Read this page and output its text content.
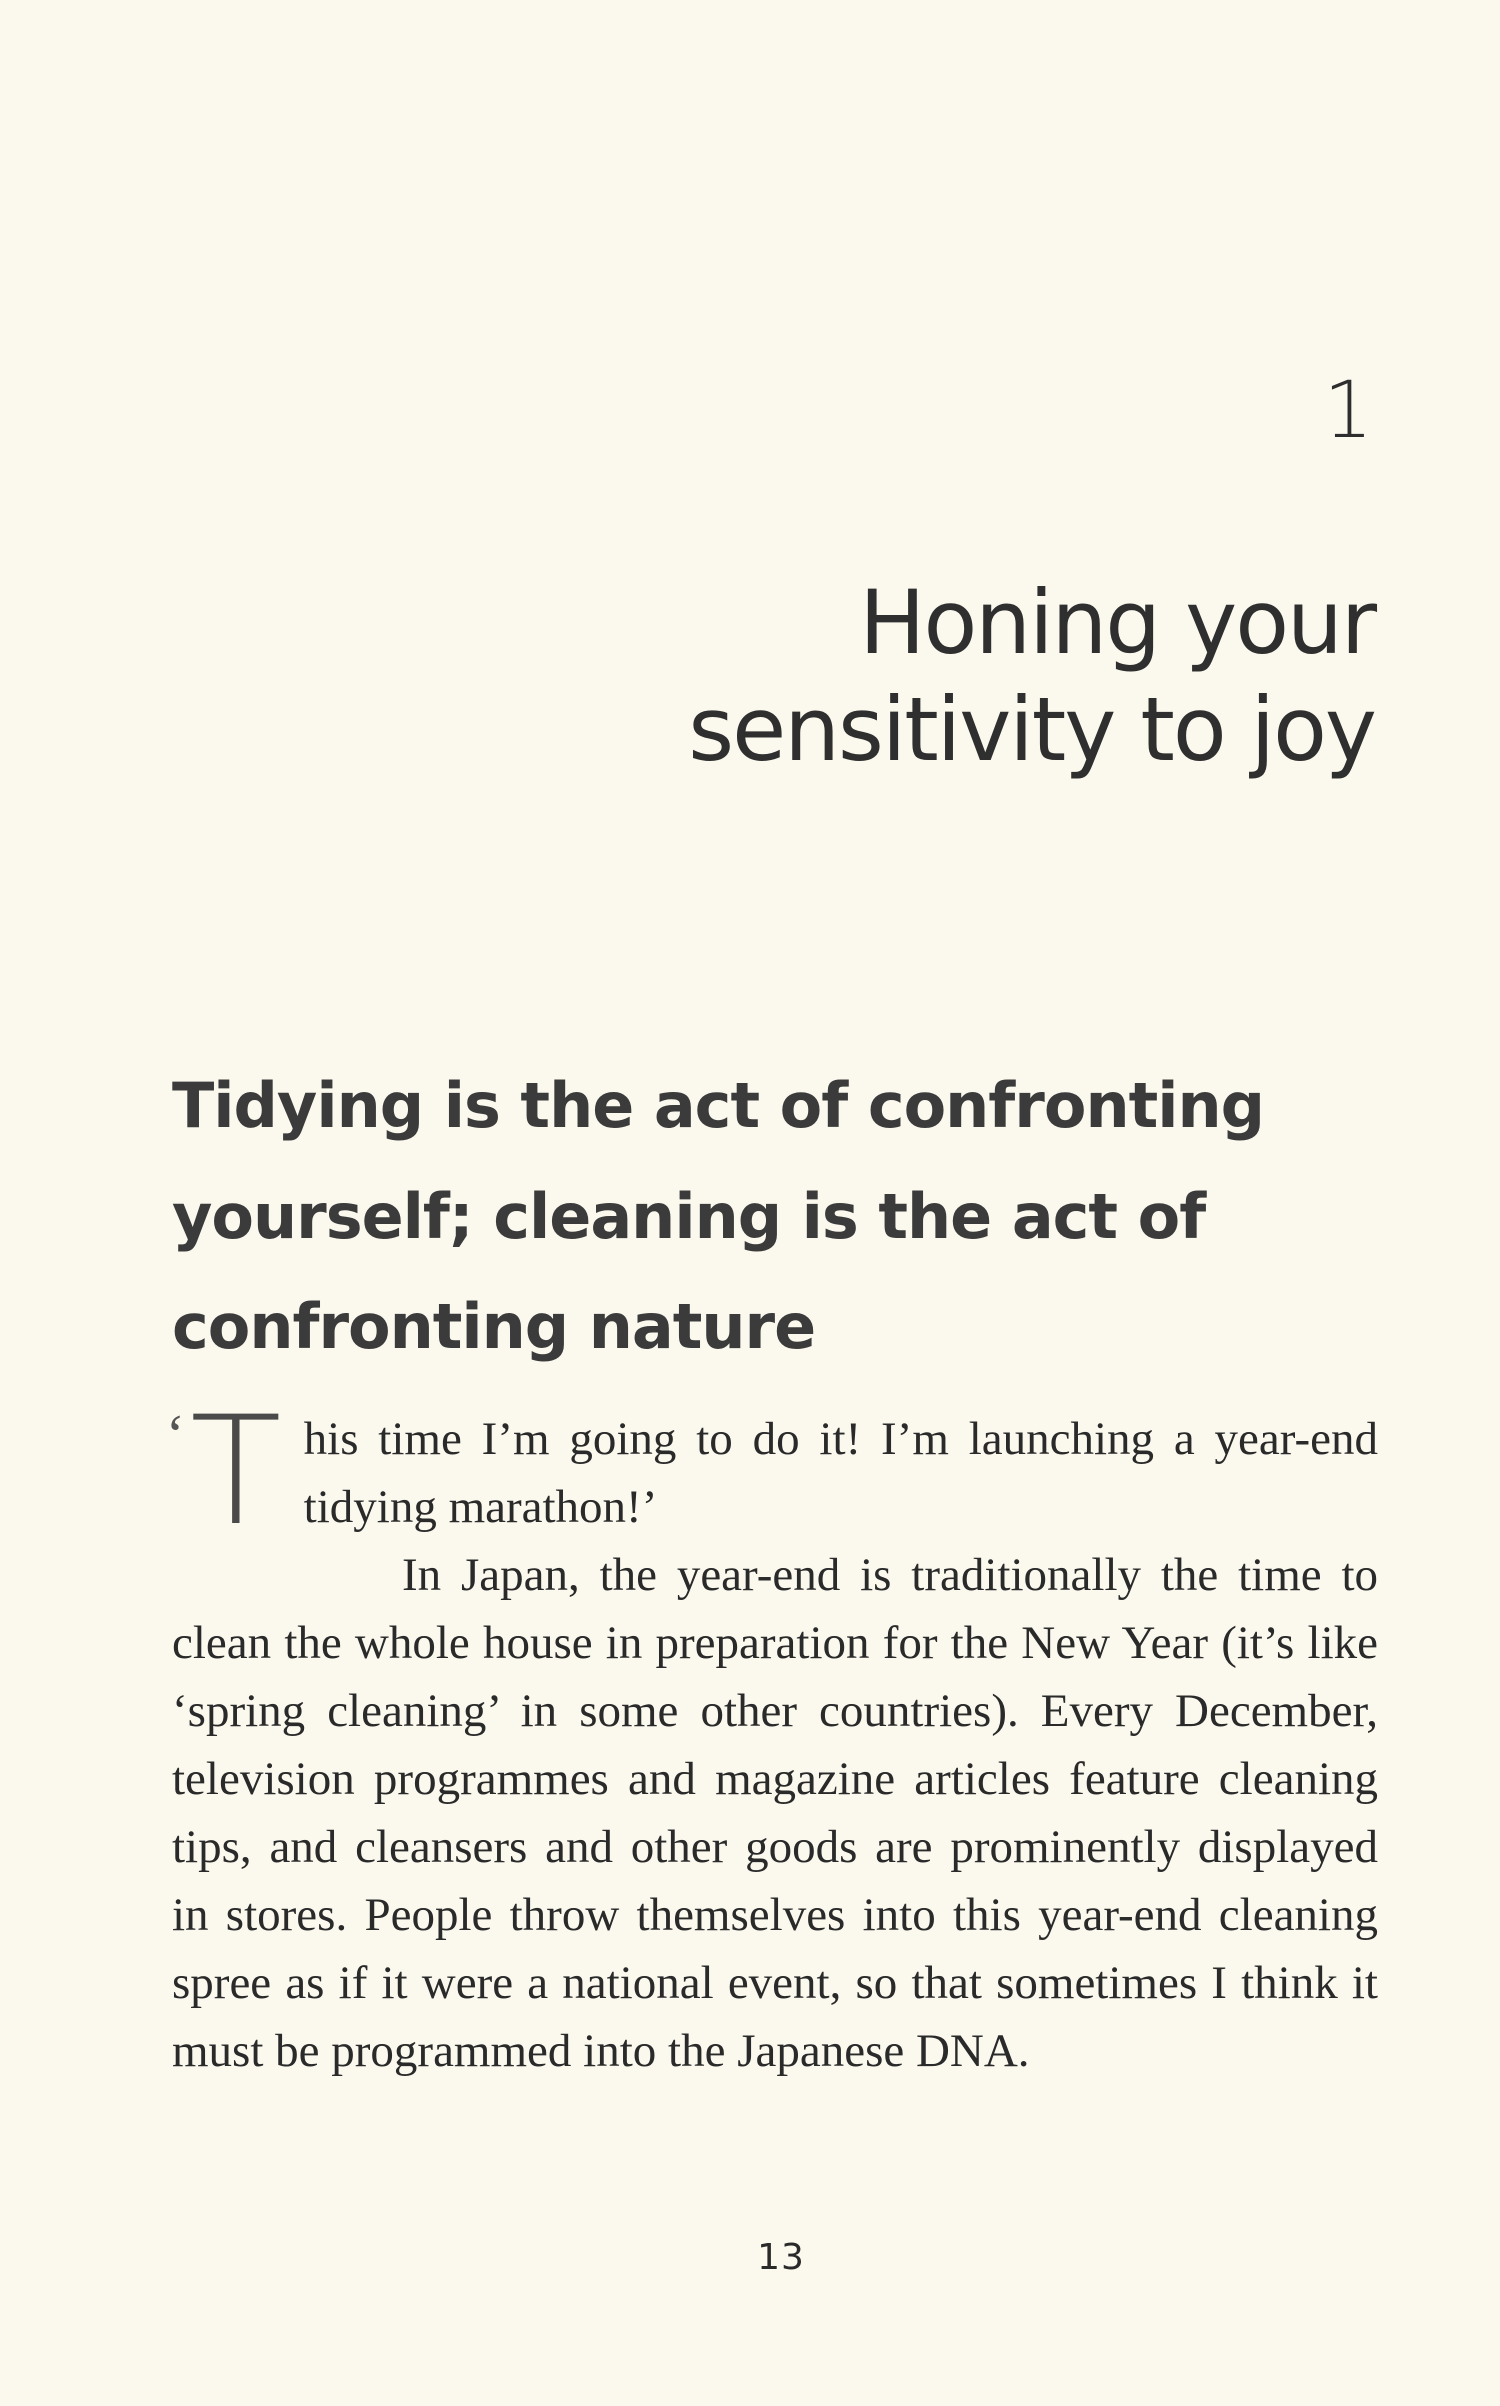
1
Honing your
sensitivity to joy
Tidying is the act of confronting
yourself; cleaning is the act of
confronting nature
‘ T his time I’m going to do it! I’m launching a year-end tidying marathon!’

In Japan, the year-end is traditionally the time to clean the whole house in preparation for the New Year (it’s like ‘spring cleaning’ in some other countries). Every December, television programmes and magazine articles feature cleaning tips, and cleansers and other goods are prominently displayed in stores. People throw themselves into this year-end cleaning spree as if it were a national event, so that sometimes I think it must be programmed into the Japanese DNA.

13
